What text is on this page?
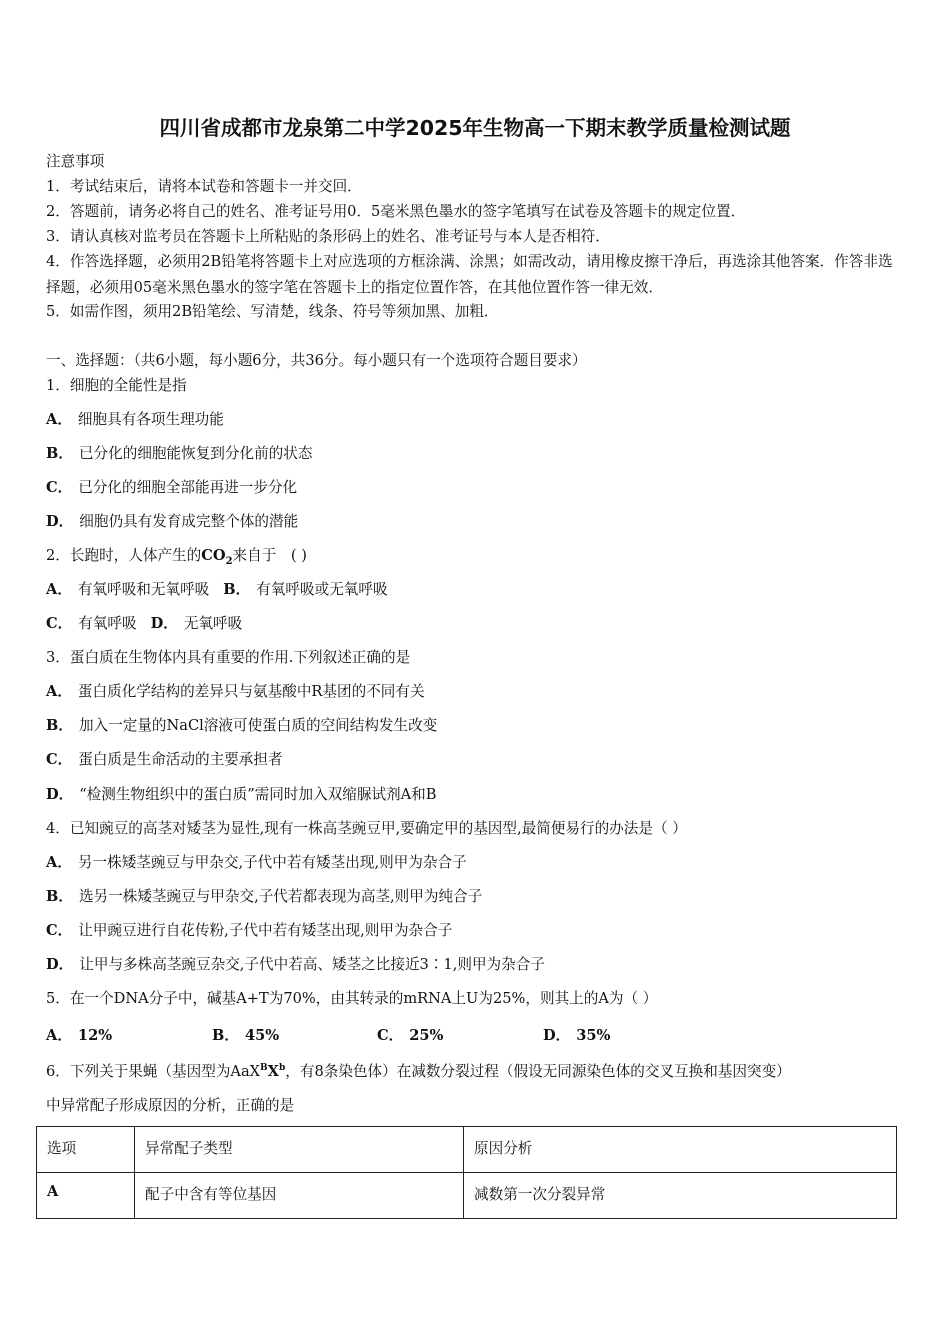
四川省成都市龙泉第二中学2025年生物高一下期末教学质量检测试题
注意事项
1．考试结束后，请将本试卷和答题卡一并交回．
2．答题前，请务必将自己的姓名、准考证号用0．5毫米黑色墨水的签字笔填写在试卷及答题卡的规定位置．
3．请认真核对监考员在答题卡上所粘贴的条形码上的姓名、准考证号与本人是否相符．
4．作答选择题，必须用2B铅笔将答题卡上对应选项的方框涂满、涂黑；如需改动，请用橡皮擦干净后，再选涂其他答案．作答非选择题，必须用05毫米黑色墨水的签字笔在答题卡上的指定位置作答，在其他位置作答一律无效．
5．如需作图，须用2B铅笔绘、写清楚，线条、符号等须加黑、加粗．
一、选择题：（共6小题，每小题6分，共36分。每小题只有一个选项符合题目要求）
1．细胞的全能性是指
A． 细胞具有各项生理功能
B． 已分化的细胞能恢复到分化前的状态
C． 已分化的细胞全部能再进一步分化
D． 细胞仍具有发育成完整个体的潜能
2．长跑时，人体产生的$CO_2$来自于　( )
A． 有氧呼吸和无氧呼吸 B． 有氧呼吸或无氧呼吸
C． 有氧呼吸 D． 无氧呼吸
3．蛋白质在生物体内具有重要的作用.下列叙述正确的是
A． 蛋白质化学结构的差异只与氨基酸中R基团的不同有关
B． 加入一定量的NaCl溶液可使蛋白质的空间结构发生改变
C． 蛋白质是生命活动的主要承担者
D． “检测生物组织中的蛋白质”需同时加入双缩脲试剂A和B
4．已知豌豆的高茎对矮茎为显性,现有一株高茎豌豆甲,要确定甲的基因型,最简便易行的办法是（ ）
A． 另一株矮茎豌豆与甲杂交,子代中若有矮茎出现,则甲为杂合子
B． 选另一株矮茎豌豆与甲杂交,子代若都表现为高茎,则甲为纯合子
C． 让甲豌豆进行自花传粉,子代中若有矮茎出现,则甲为杂合子
D． 让甲与多株高茎豌豆杂交,子代中若高、矮茎之比接近3∶1,则甲为杂合子
5．在一个DNA分子中，碱基A+T为70%，由其转录的mRNA上U为25%，则其上的A为（ ）
A． 12%	B． 45%	C． 25%	D． 35%
6．下列关于果蝇（基因型为$AaX^BX^b$，有8条染色体）在减数分裂过程（假设无同源染色体的交叉互换和基因突变）
中异常配子形成原因的分析，正确的是
选项	异常配子类型	原因分析
A	配子中含有等位基因	减数第一次分裂异常
